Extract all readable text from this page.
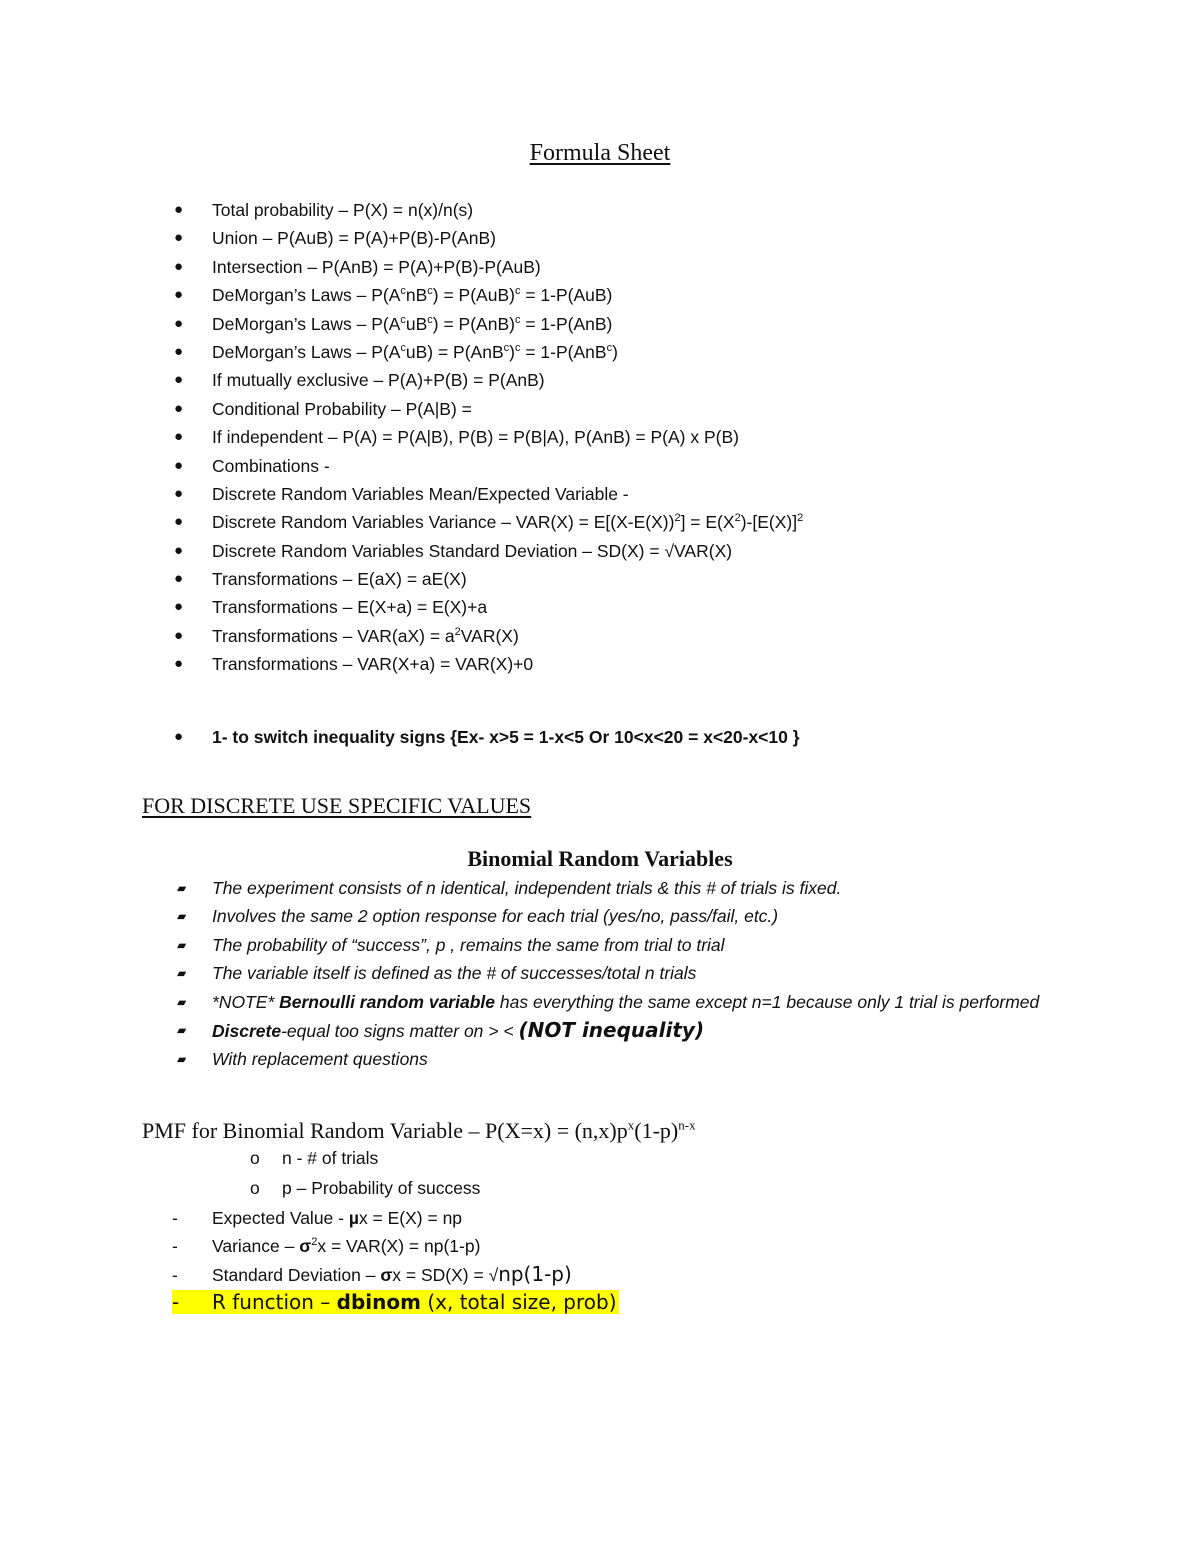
Formula Sheet
● Total probability – P(X) = n(x)/n(s)
● Union – P(AuB) = P(A)+P(B)-P(AnB)
● Intersection – P(AnB) = P(A)+P(B)-P(AuB)
● DeMorgan’s Laws – $P(A^cnB^c) = P(AuB)^c = 1-P(AuB)$
● DeMorgan’s Laws – $P(A^cuB^c) = P(AnB)^c = 1-P(AnB)$
● DeMorgan’s Laws – $P(A^cuB) = P(AnB^c)^c = 1-P(AnB^c)$
● If mutually exclusive – P(A)+P(B) = P(AnB)
● Conditional Probability – P(A|B) =
● If independent – P(A) = P(A|B), P(B) = P(B|A), P(AnB) = P(A) x P(B)
● Combinations -
● Discrete Random Variables Mean/Expected Variable -
● Discrete Random Variables Variance – $VAR(X) = E[(X-E(X))^2] = E(X^2)-[E(X)]^2$
● Discrete Random Variables Standard Deviation – SD(X) = √VAR(X)
● Transformations – E(aX) = aE(X)
● Transformations – E(X+a) = E(X)+a
● Transformations – $VAR(aX) = a^2VAR(X)$
● Transformations – VAR(X+a) = VAR(X)+0
● 1- to switch inequality signs {Ex- x>5 = 1-x<5 Or 10<x<20 = x<20-x<10 }
FOR DISCRETE USE SPECIFIC VALUES
Binomial Random Variables
▰ The experiment consists of n identical, independent trials & this # of trials is fixed.
▰ Involves the same 2 option response for each trial (yes/no, pass/fail, etc.)
▰ The probability of “success”, p , remains the same from trial to trial
▰ The variable itself is defined as the # of successes/total n trials
▰ *NOTE* Bernoulli random variable has everything the same except n=1 because only 1 trial is performed
▰ Discrete-equal too signs matter on > < (NOT inequality)
▰ With replacement questions
PMF for Binomial Random Variable – $P(X=x) = (n,x)p^x(1-p)^{n-x}$
o n - # of trials
o p – Probability of success
- Expected Value - µx = E(X) = np
- Variance – $\sigma^2x = VAR(X) = np(1-p)$
- Standard Deviation – σx = SD(X) = √np(1-p)
- R function – dbinom (x, total size, prob)
